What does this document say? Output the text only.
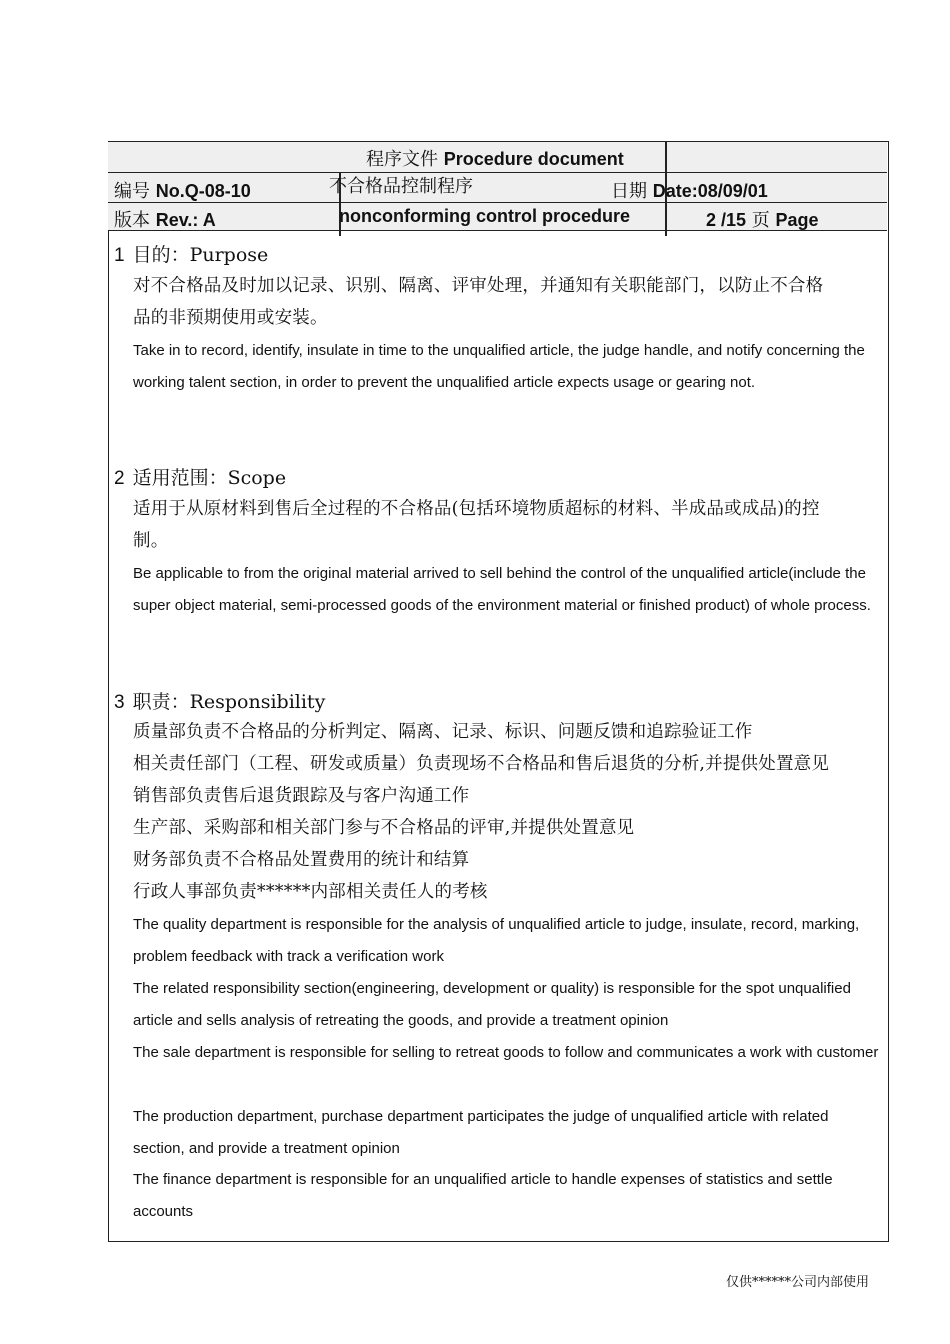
程序文件 Procedure document
编号 No.Q-08-10	不合格品控制程序	日期 Date:08/09/01
版本 Rev.: A	nonconforming control procedure	2 /15 页 Page
1 目的：Purpose
对不合格品及时加以记录、识别、隔离、评审处理，并通知有关职能部门，以防止不合格
品的非预期使用或安装。
Take in to record, identify, insulate in time to the unqualified article, the judge handle, and notify concerning the working talent section, in order to prevent the unqualified article expects usage or gearing not.
2 适用范围：Scope
适用于从原材料到售后全过程的不合格品(包括环境物质超标的材料、半成品或成品)的控
制。
Be applicable to from the original material arrived to sell behind the control of the unqualified article(include the super object material, semi-processed goods of the environment material or finished product) of whole process.
3 职责：Responsibility
质量部负责不合格品的分析判定、隔离、记录、标识、问题反馈和追踪验证工作
相关责任部门（工程、研发或质量）负责现场不合格品和售后退货的分析,并提供处置意见
销售部负责售后退货跟踪及与客户沟通工作
生产部、采购部和相关部门参与不合格品的评审,并提供处置意见
财务部负责不合格品处置费用的统计和结算
行政人事部负责******内部相关责任人的考核
The quality department is responsible for the analysis of unqualified article to judge, insulate, record, marking, problem feedback with track a verification work
The related responsibility section(engineering, development or quality) is responsible for the spot unqualified article and sells analysis of retreating the goods, and provide a treatment opinion
The sale department is responsible for selling to retreat goods to follow and communicates a work with customer
The production department, purchase department participates the judge of unqualified article with related section, and provide a treatment opinion
The finance department is responsible for an unqualified article to handle expenses of statistics and settle accounts
仅供******公司内部使用
